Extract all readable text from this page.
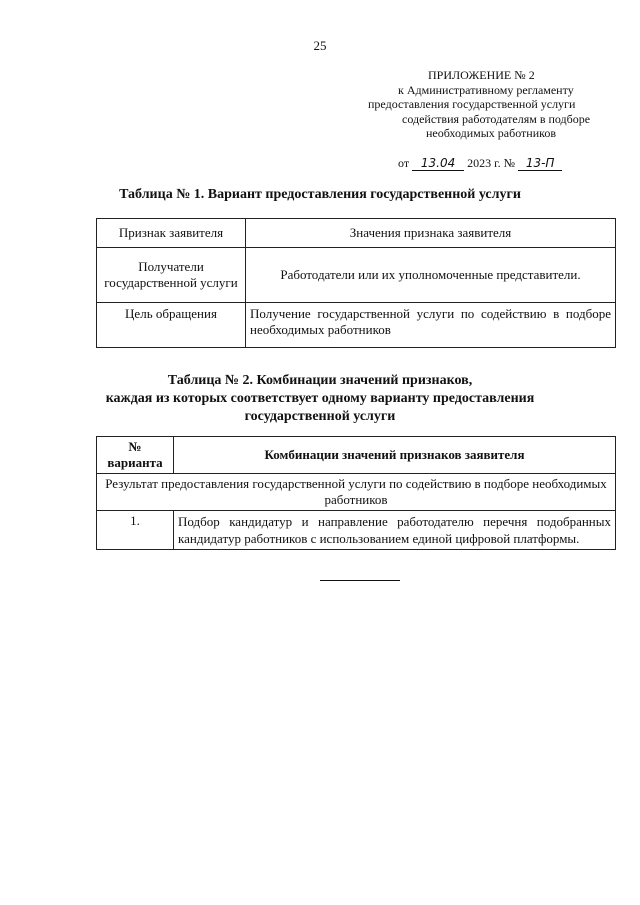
25
ПРИЛОЖЕНИЕ № 2
к Административному регламенту
предоставления государственной услуги
содействия работодателям в подборе
необходимых работников
от 13.04 2023 г. № 13-П
Таблица № 1. Вариант предоставления государственной услуги
Признак заявителя	Значения признака заявителя
Получатели государственной услуги	Работодатели или их уполномоченные представители.
Цель обращения	Получение государственной услуги по содействию в подборе необходимых работников
Таблица № 2. Комбинации значений признаков,
каждая из которых соответствует одному варианту предоставления
государственной услуги
№ варианта	Комбинации значений признаков заявителя
Результат предоставления государственной услуги по содействию в подборе необходимых работников	
1.	Подбор кандидатур и направление работодателю перечня подобранных кандидатур работников с использованием единой цифровой платформы.
